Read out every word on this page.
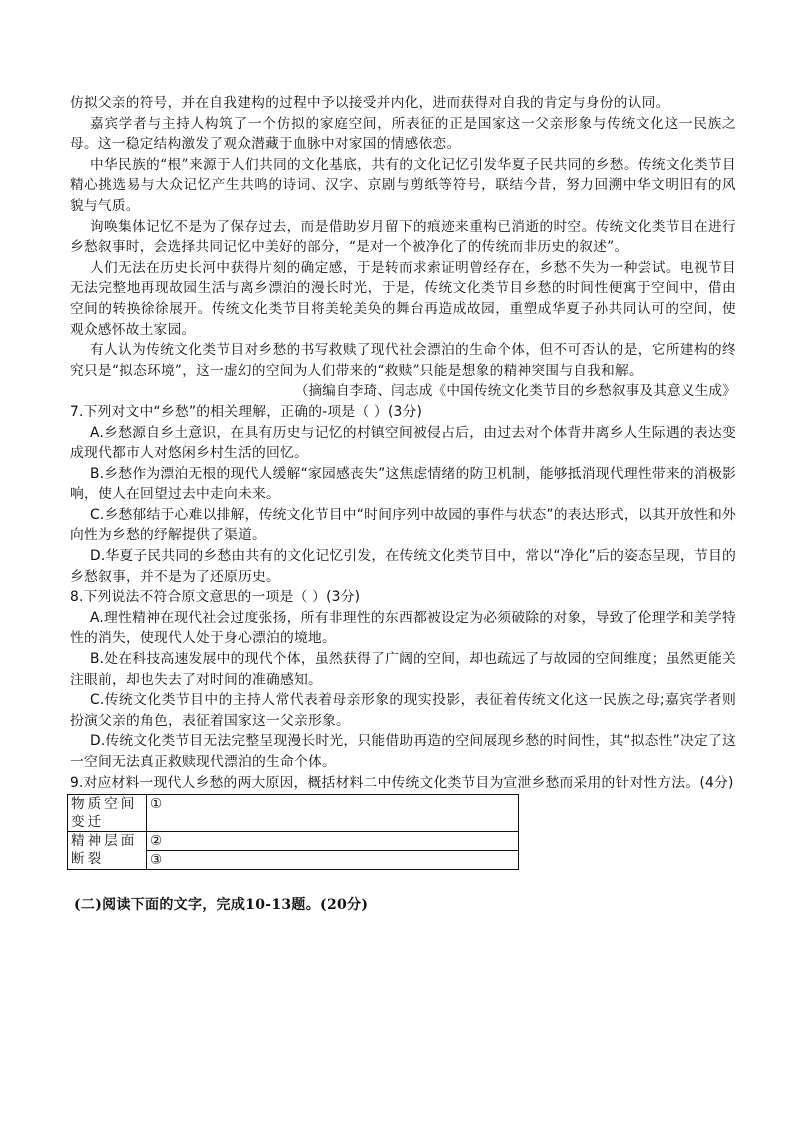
仿拟父亲的符号，并在自我建构的过程中予以接受并内化，进而获得对自我的肯定与身份的认同。

嘉宾学者与主持人构筑了一个仿拟的家庭空间，所表征的正是国家这一父亲形象与传统文化这一民族之母。这一稳定结构激发了观众潜藏于血脉中对家国的情感依恋。

中华民族的“根”来源于人们共同的文化基底，共有的文化记忆引发华夏子民共同的乡愁。传统文化类节目精心挑选易与大众记忆产生共鸣的诗词、汉字、京剧与剪纸等符号，联结今昔，努力回溯中华文明旧有的风貌与气质。

询唤集体记忆不是为了保存过去，而是借助岁月留下的痕迹来重构已消逝的时空。传统文化类节目在进行乡愁叙事时，会选择共同记忆中美好的部分，“是对一个被净化了的传统而非历史的叙述”。

人们无法在历史长河中获得片刻的确定感，于是转而求索证明曾经存在，乡愁不失为一种尝试。电视节目无法完整地再现故园生活与离乡漂泊的漫长时光，于是，传统文化类节目乡愁的时间性便寓于空间中，借由空间的转换徐徐展开。传统文化类节目将美轮美奂的舞台再造成故园，重塑成华夏子孙共同认可的空间，使观众感怀故土家园。

有人认为传统文化类节目对乡愁的书写救赎了现代社会漂泊的生命个体，但不可否认的是，它所建构的终究只是“拟态环境”，这一虚幻的空间为人们带来的“救赎”只能是想象的精神突围与自我和解。

（摘编自李琦、闫志成《中国传统文化类节目的乡愁叙事及其意义生成》

7.下列对文中“乡愁”的相关理解，正确的-项是（ ）(3分)

A.乡愁源自乡土意识，在具有历史与记忆的村镇空间被侵占后，由过去对个体背井离乡人生际遇的表达变成现代都市人对悠闲乡村生活的回忆。

B.乡愁作为漂泊无根的现代人缓解“家园感丧失”这焦虑情绪的防卫机制，能够抵消现代理性带来的消极影响，使人在回望过去中走向未来。

C.乡愁郁结于心难以排解，传统文化节目中“时间序列中故园的事件与状态”的表达形式，以其开放性和外向性为乡愁的纾解提供了渠道。

D.华夏子民共同的乡愁由共有的文化记忆引发，在传统文化类节目中，常以“净化”后的姿态呈现，节目的乡愁叙事，并不是为了还原历史。

8.下列说法不符合原文意思的一项是（ ）(3分)

A.理性精神在现代社会过度张扬，所有非理性的东西都被设定为必须破除的对象，导致了伦理学和美学特性的消失，使现代人处于身心漂泊的境地。

B.处在科技高速发展中的现代个体，虽然获得了广阔的空间，却也疏远了与故园的空间维度；虽然更能关注眼前，却也失去了对时间的准确感知。

C.传统文化类节目中的主持人常代表着母亲形象的现实投影，表征着传统文化这一民族之母;嘉宾学者则扮演父亲的角色，表征着国家这一父亲形象。

D.传统文化类节目无法完整呈现漫长时光，只能借助再造的空间展现乡愁的时间性，其“拟态性”决定了这一空间无法真正救赎现代漂泊的生命个体。

9.对应材料一现代人乡愁的两大原因，概括材料二中传统文化类节目为宣泄乡愁而采用的针对性方法。(4分)

物质空间变迁	①
精神层面断裂	②
	③

(二)阅读下面的文字，完成10-13题。(20分)
